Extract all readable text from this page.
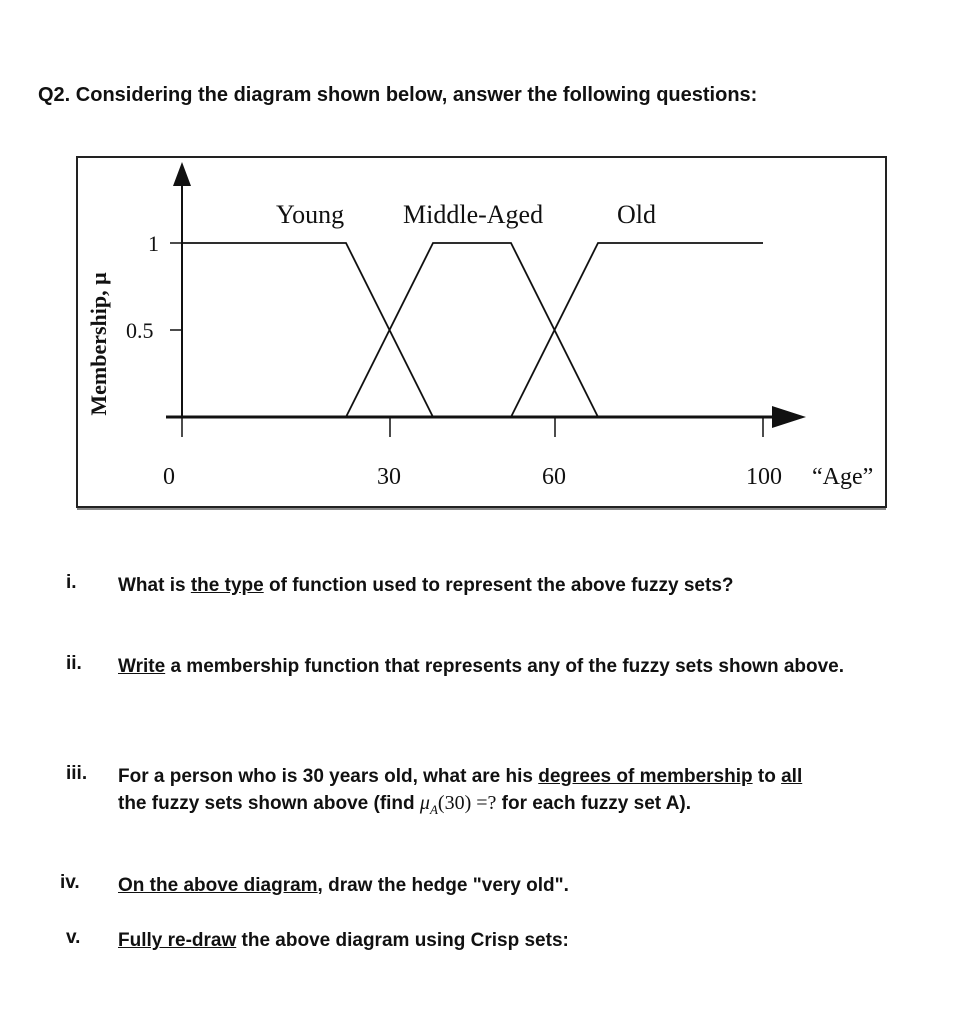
Q2. Considering the diagram shown below, answer the following questions:
Membership, μ
1
0.5
0	30	60	100 “Age”
Young Middle-Aged	Old
i. What is the type of function used to represent the above fuzzy sets?
ii. Write a membership function that represents any of the fuzzy sets shown above.
iii. For a person who is 30 years old, what are his degrees of membership to all
the fuzzy sets shown above (find $\mu_A(30)$ =? for each fuzzy set A).
iv. On the above diagram, draw the hedge "very old".
v. Fully re-draw the above diagram using Crisp sets:
